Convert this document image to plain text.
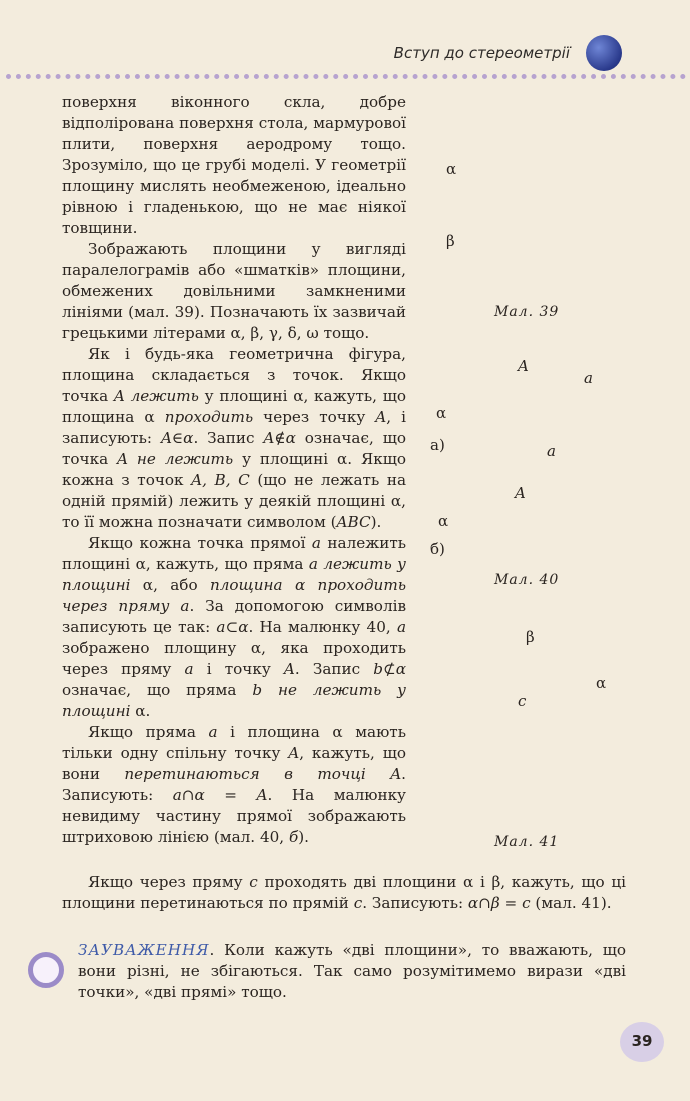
Вступ до стереометрії

поверхня віконного скла, добре відполірована поверхня стола, мармурової плити, поверхня аеродрому тощо. Зрозуміло, що це грубі моделі. У геометрії площину мислять необмеженою, ідеально рівною і гладенькою, що не має ніякої товщини.

Зображають площини у вигляді паралелограмів або «шматків» площини, обмежених довільними замкненими лініями (мал. 39). Позначають їх зазвичай грецькими літерами α, β, γ, δ, ω тощо.

Як і будь-яка геометрична фігура, площина складається з точок. Якщо точка A лежить у площині α, кажуть, що площина α проходить через точку A, і записують: A∈α. Запис A∉α означає, що точка A не лежить у площині α. Якщо кожна з точок A, B, C (що не лежать на одній прямій) лежить у деякій площині α, то її можна позначати символом (ABC).

Якщо кожна точка прямої a належить площині α, кажуть, що пряма a лежить у площині α, або площина α проходить через пряму a. За допомогою символів записують це так: a⊂α. На малюнку 40, а зображено площину α, яка проходить через пряму a і точку A. Запис b⊄α означає, що пряма b не лежить у площині α.

Якщо пряма a і площина α мають тільки одну спільну точку A, кажуть, що вони перетинаються в точці A. Записують: a∩α = A. На малюнку невидиму частину прямої зображають штриховою лінією (мал. 40, б).

Якщо через пряму c проходять дві площини α і β, кажуть, що ці площини перетинаються по прямій c. Записують: α∩β = c (мал. 41).

ЗАУВАЖЕННЯ. Коли кажуть «дві площини», то вважають, що вони різні, не збігаються. Так само розумітимемо вирази «дві точки», «дві прямі» тощо.

α
β
Мал. 39
A
a
α
а)	a
A
α
б)
Мал. 40
β
α
c
Мал. 41
39
